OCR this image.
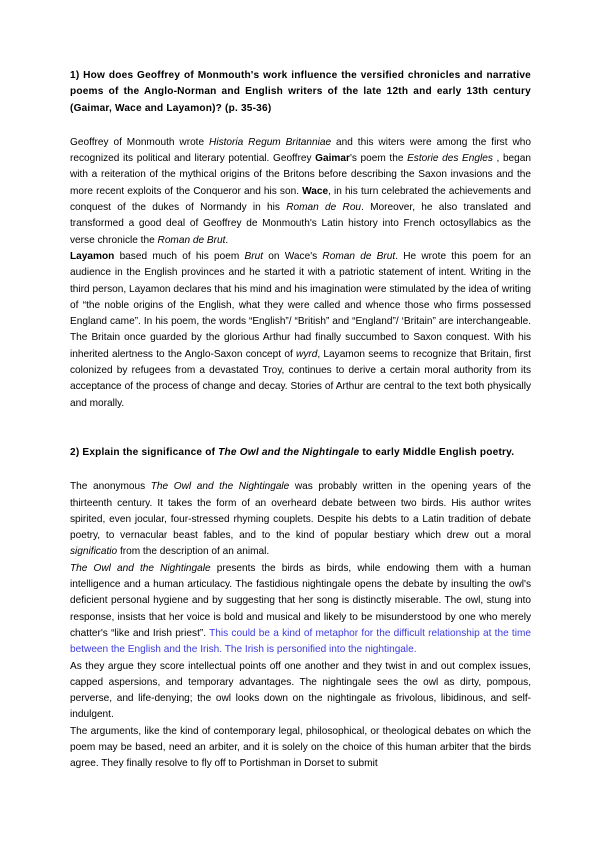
1) How does Geoffrey of Monmouth's work influence the versified chronicles and narrative poems of the Anglo-Norman and English writers of the late 12th and early 13th century (Gaimar, Wace and Layamon)? (p. 35-36)

Geoffrey of Monmouth wrote Historia Regum Britanniae and this witers were among the first who recognized its political and literary potential. Geoffrey Gaimar's poem the Estorie des Engles , began with a reiteration of the mythical origins of the Britons before describing the Saxon invasions and the more recent exploits of the Conqueror and his son. Wace, in his turn celebrated the achievements and conquest of the dukes of Normandy in his Roman de Rou. Moreover, he also translated and transformed a good deal of Geoffrey de Monmouth's Latin history into French octosyllabics as the verse chronicle the Roman de Brut.

Layamon based much of his poem Brut on Wace's Roman de Brut. He wrote this poem for an audience in the English provinces and he started it with a patriotic statement of intent. Writing in the third person, Layamon declares that his mind and his imagination were stimulated by the idea of writing of “the noble origins of the English, what they were called and whence those who firms possessed England came”. In his poem, the words “English”/ “British” and “England”/ ‘Britain” are interchangeable. The Britain once guarded by the glorious Arthur had finally succumbed to Saxon conquest. With his inherited alertness to the Anglo-Saxon concept of wyrd, Layamon seems to recognize that Britain, first colonized by refugees from a devastated Troy, continues to derive a certain moral authority from its acceptance of the process of change and decay. Stories of Arthur are central to the text both physically and morally.

2) Explain the significance of The Owl and the Nightingale to early Middle English poetry.

The anonymous The Owl and the Nightingale was probably written in the opening years of the thirteenth century. It takes the form of an overheard debate between two birds. His author writes spirited, even jocular, four-stressed rhyming couplets. Despite his debts to a Latin tradition of debate poetry, to vernacular beast fables, and to the kind of popular bestiary which drew out a moral significatio from the description of an animal.

The Owl and the Nightingale presents the birds as birds, while endowing them with a human intelligence and a human articulacy. The fastidious nightingale opens the debate by insulting the owl's deficient personal hygiene and by suggesting that her song is distinctly miserable. The owl, stung into response, insists that her voice is bold and musical and likely to be misunderstood by one who merely chatter's “like and Irish priest”. This could be a kind of metaphor for the difficult relationship at the time between the English and the Irish. The Irish is personified into the nightingale.

As they argue they score intellectual points off one another and they twist in and out complex issues, capped aspersions, and temporary advantages. The nightingale sees the owl as dirty, pompous, perverse, and life-denying; the owl looks down on the nightingale as frivolous, libidinous, and self-indulgent.

The arguments, like the kind of contemporary legal, philosophical, or theological debates on which the poem may be based, need an arbiter, and it is solely on the choice of this human arbiter that the birds agree. They finally resolve to fly off to Portishman in Dorset to submit
